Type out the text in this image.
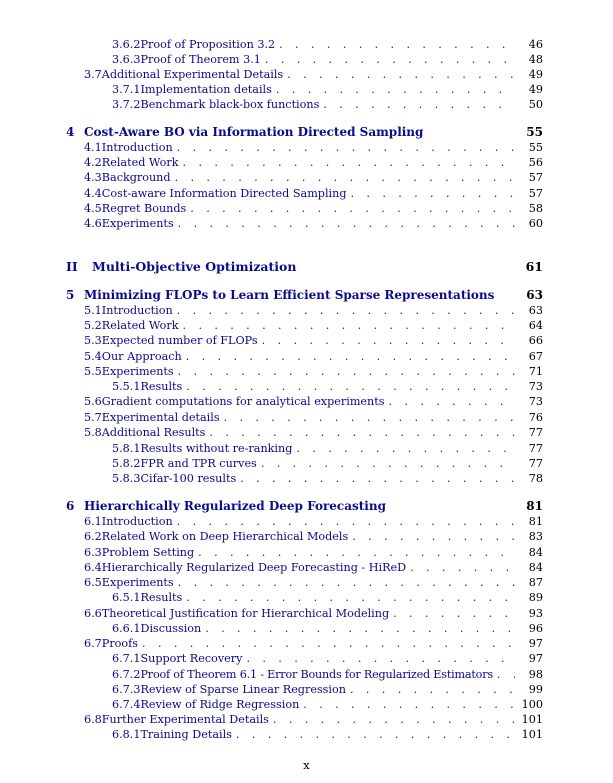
3.6.2 Proof of Proposition 3.2 . . .	46
3.6.3 Proof of Theorem 3.1 . . .	48
3.7 Additional Experimental Details . . .	49
3.7.1 Implementation details . . .	49
3.7.2 Benchmark black-box functions . . .	50
4 Cost-Aware BO via Information Directed Sampling	55
4.1 Introduction . . .	55
4.2 Related Work . . .	56
4.3 Background . . .	57
4.4 Cost-aware Information Directed Sampling . . .	57
4.5 Regret Bounds . . .	58
4.6 Experiments . . .	60
II	Multi-Objective Optimization	61
5 Minimizing FLOPs to Learn Efficient Sparse Representations	63
5.1 Introduction . . .	63
5.2 Related Work . . .	64
5.3 Expected number of FLOPs . . .	66
5.4 Our Approach . . .	67
5.5 Experiments . . .	71
5.5.1 Results . . .	73
5.6 Gradient computations for analytical experiments . . .	73
5.7 Experimental details . . .	76
5.8 Additional Results . . .	77
5.8.1 Results without re-ranking . . .	77
5.8.2 FPR and TPR curves . . .	77
5.8.3 Cifar-100 results . . .	78
6 Hierarchically Regularized Deep Forecasting	81
6.1 Introduction . . .	81
6.2 Related Work on Deep Hierarchical Models . . .	83
6.3 Problem Setting . . .	84
6.4 Hierarchically Regularized Deep Forecasting - HiReD . . .	84
6.5 Experiments . . .	87
6.5.1 Results . . .	89
6.6 Theoretical Justification for Hierarchical Modeling . . .	93
6.6.1 Discussion . . .	96
6.7 Proofs . . .	97
6.7.1 Support Recovery . . .	97
6.7.2 Proof of Theorem 6.1 - Error Bounds for Regularized Estimators . . .	98
6.7.3 Review of Sparse Linear Regression . . .	99
6.7.4 Review of Ridge Regression . . .	100
6.8 Further Experimental Details . . .	101
6.8.1 Training Details . . .	101
x
